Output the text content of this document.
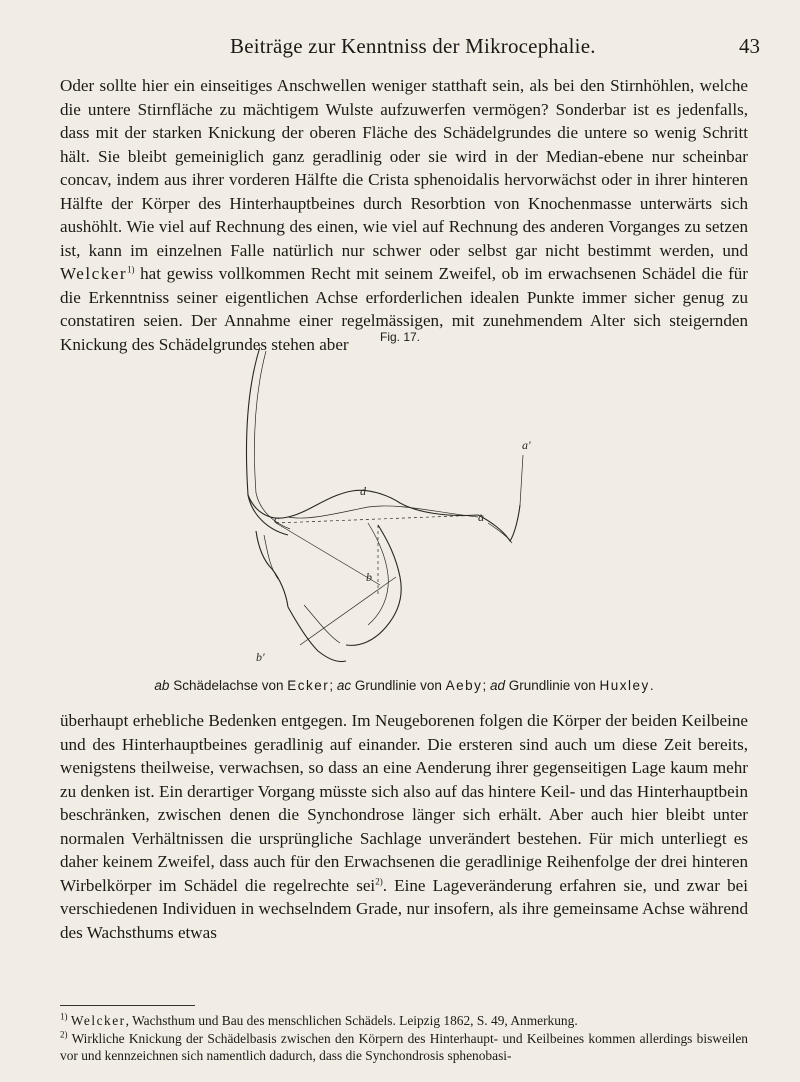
Beiträge zur Kenntniss der Mikrocephalie.	43

Oder sollte hier ein einseitiges Anschwellen weniger statthaft sein, als bei den Stirnhöhlen, welche die untere Stirnfläche zu mächtigem Wulste aufzuwerfen vermögen? Sonderbar ist es jedenfalls, dass mit der starken Knickung der oberen Fläche des Schädelgrundes die untere so wenig Schritt hält. Sie bleibt gemeiniglich ganz geradlinig oder sie wird in der Median-ebene nur scheinbar concav, indem aus ihrer vorderen Hälfte die Crista sphenoidalis hervorwächst oder in ihrer hinteren Hälfte der Körper des Hinterhauptbeines durch Resorbtion von Knochenmasse unterwärts sich aushöhlt. Wie viel auf Rechnung des einen, wie viel auf Rechnung des anderen Vorganges zu setzen ist, kann im einzelnen Falle natürlich nur schwer oder selbst gar nicht bestimmt werden, und Welcker$^{1)}$ hat gewiss vollkommen Recht mit seinem Zweifel, ob im erwachsenen Schädel die für die Erkenntniss seiner eigentlichen Achse erforderlichen idealen Punkte immer sicher genug zu constatiren seien. Der Annahme einer regelmässigen, mit zunehmendem Alter sich steigernden Knickung des Schädelgrundes stehen aber	Fig. 17.
a
b
c
d
b'
a'
ab Schädelachse von Ecker; ac Grundlinie von Aeby; ad Grundlinie von Huxley.

überhaupt erhebliche Bedenken entgegen. Im Neugeborenen folgen die Körper der beiden Keilbeine und des Hinterhauptbeines geradlinig auf einander. Die ersteren sind auch um diese Zeit bereits, wenigstens theilweise, verwachsen, so dass an eine Aenderung ihrer gegenseitigen Lage kaum mehr zu denken ist. Ein derartiger Vorgang müsste sich also auf das hintere Keil- und das Hinterhauptbein beschränken, zwischen denen die Synchondrose länger sich erhält. Aber auch hier bleibt unter normalen Verhältnissen die ursprüngliche Sachlage unverändert bestehen. Für mich unterliegt es daher keinem Zweifel, dass auch für den Erwachsenen die geradlinige Reihenfolge der drei hinteren Wirbelkörper im Schädel die regelrechte sei$^{2)}$. Eine Lageveränderung erfahren sie, und zwar bei verschiedenen Individuen in wechselndem Grade, nur insofern, als ihre gemeinsame Achse während des Wachsthums etwas

$^{1)}$ Welcker, Wachsthum und Bau des menschlichen Schädels. Leipzig 1862, S. 49, Anmerkung.

$^{2)}$ Wirkliche Knickung der Schädelbasis zwischen den Körpern des Hinterhaupt- und Keilbeines kommen allerdings bisweilen vor und kennzeichnen sich namentlich dadurch, dass die Synchondrosis sphenobasi-
